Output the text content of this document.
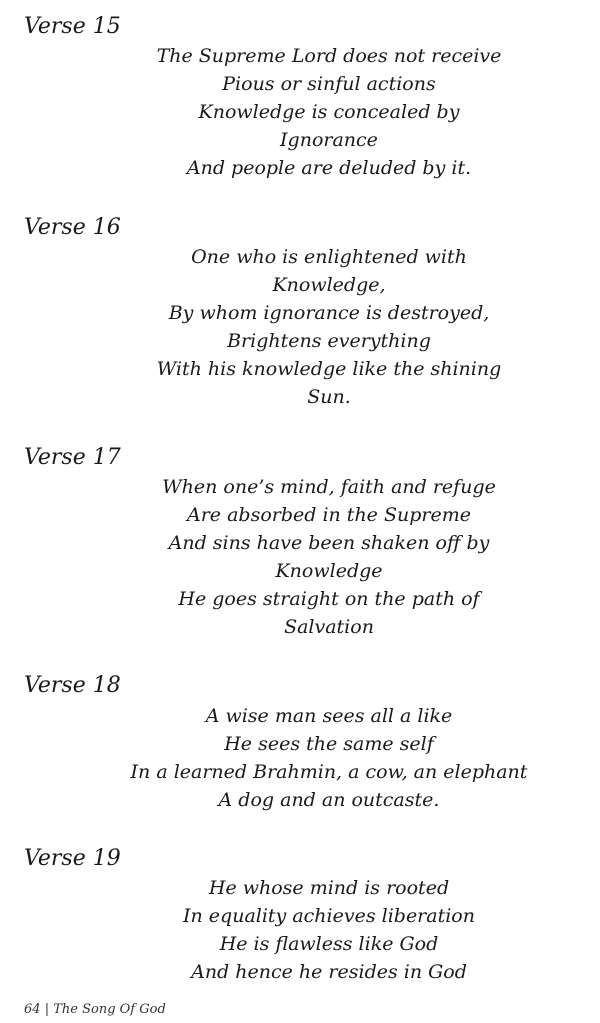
Verse 15
The Supreme Lord does not receive
Pious or sinful actions
Knowledge is concealed by
Ignorance
And people are deluded by it.
Verse 16
One who is enlightened with
Knowledge,
By whom ignorance is destroyed,
Brightens everything
With his knowledge like the shining
Sun.
Verse 17
When one’s mind, faith and refuge
Are absorbed in the Supreme
And sins have been shaken off by
Knowledge
He goes straight on the path of
Salvation
Verse 18
A wise man sees all a like
He sees the same self
In a learned Brahmin, a cow, an elephant
A dog and an outcaste.
Verse 19
He whose mind is rooted
In equality achieves liberation
He is flawless like God
And hence he resides in God
64 | The Song Of God
